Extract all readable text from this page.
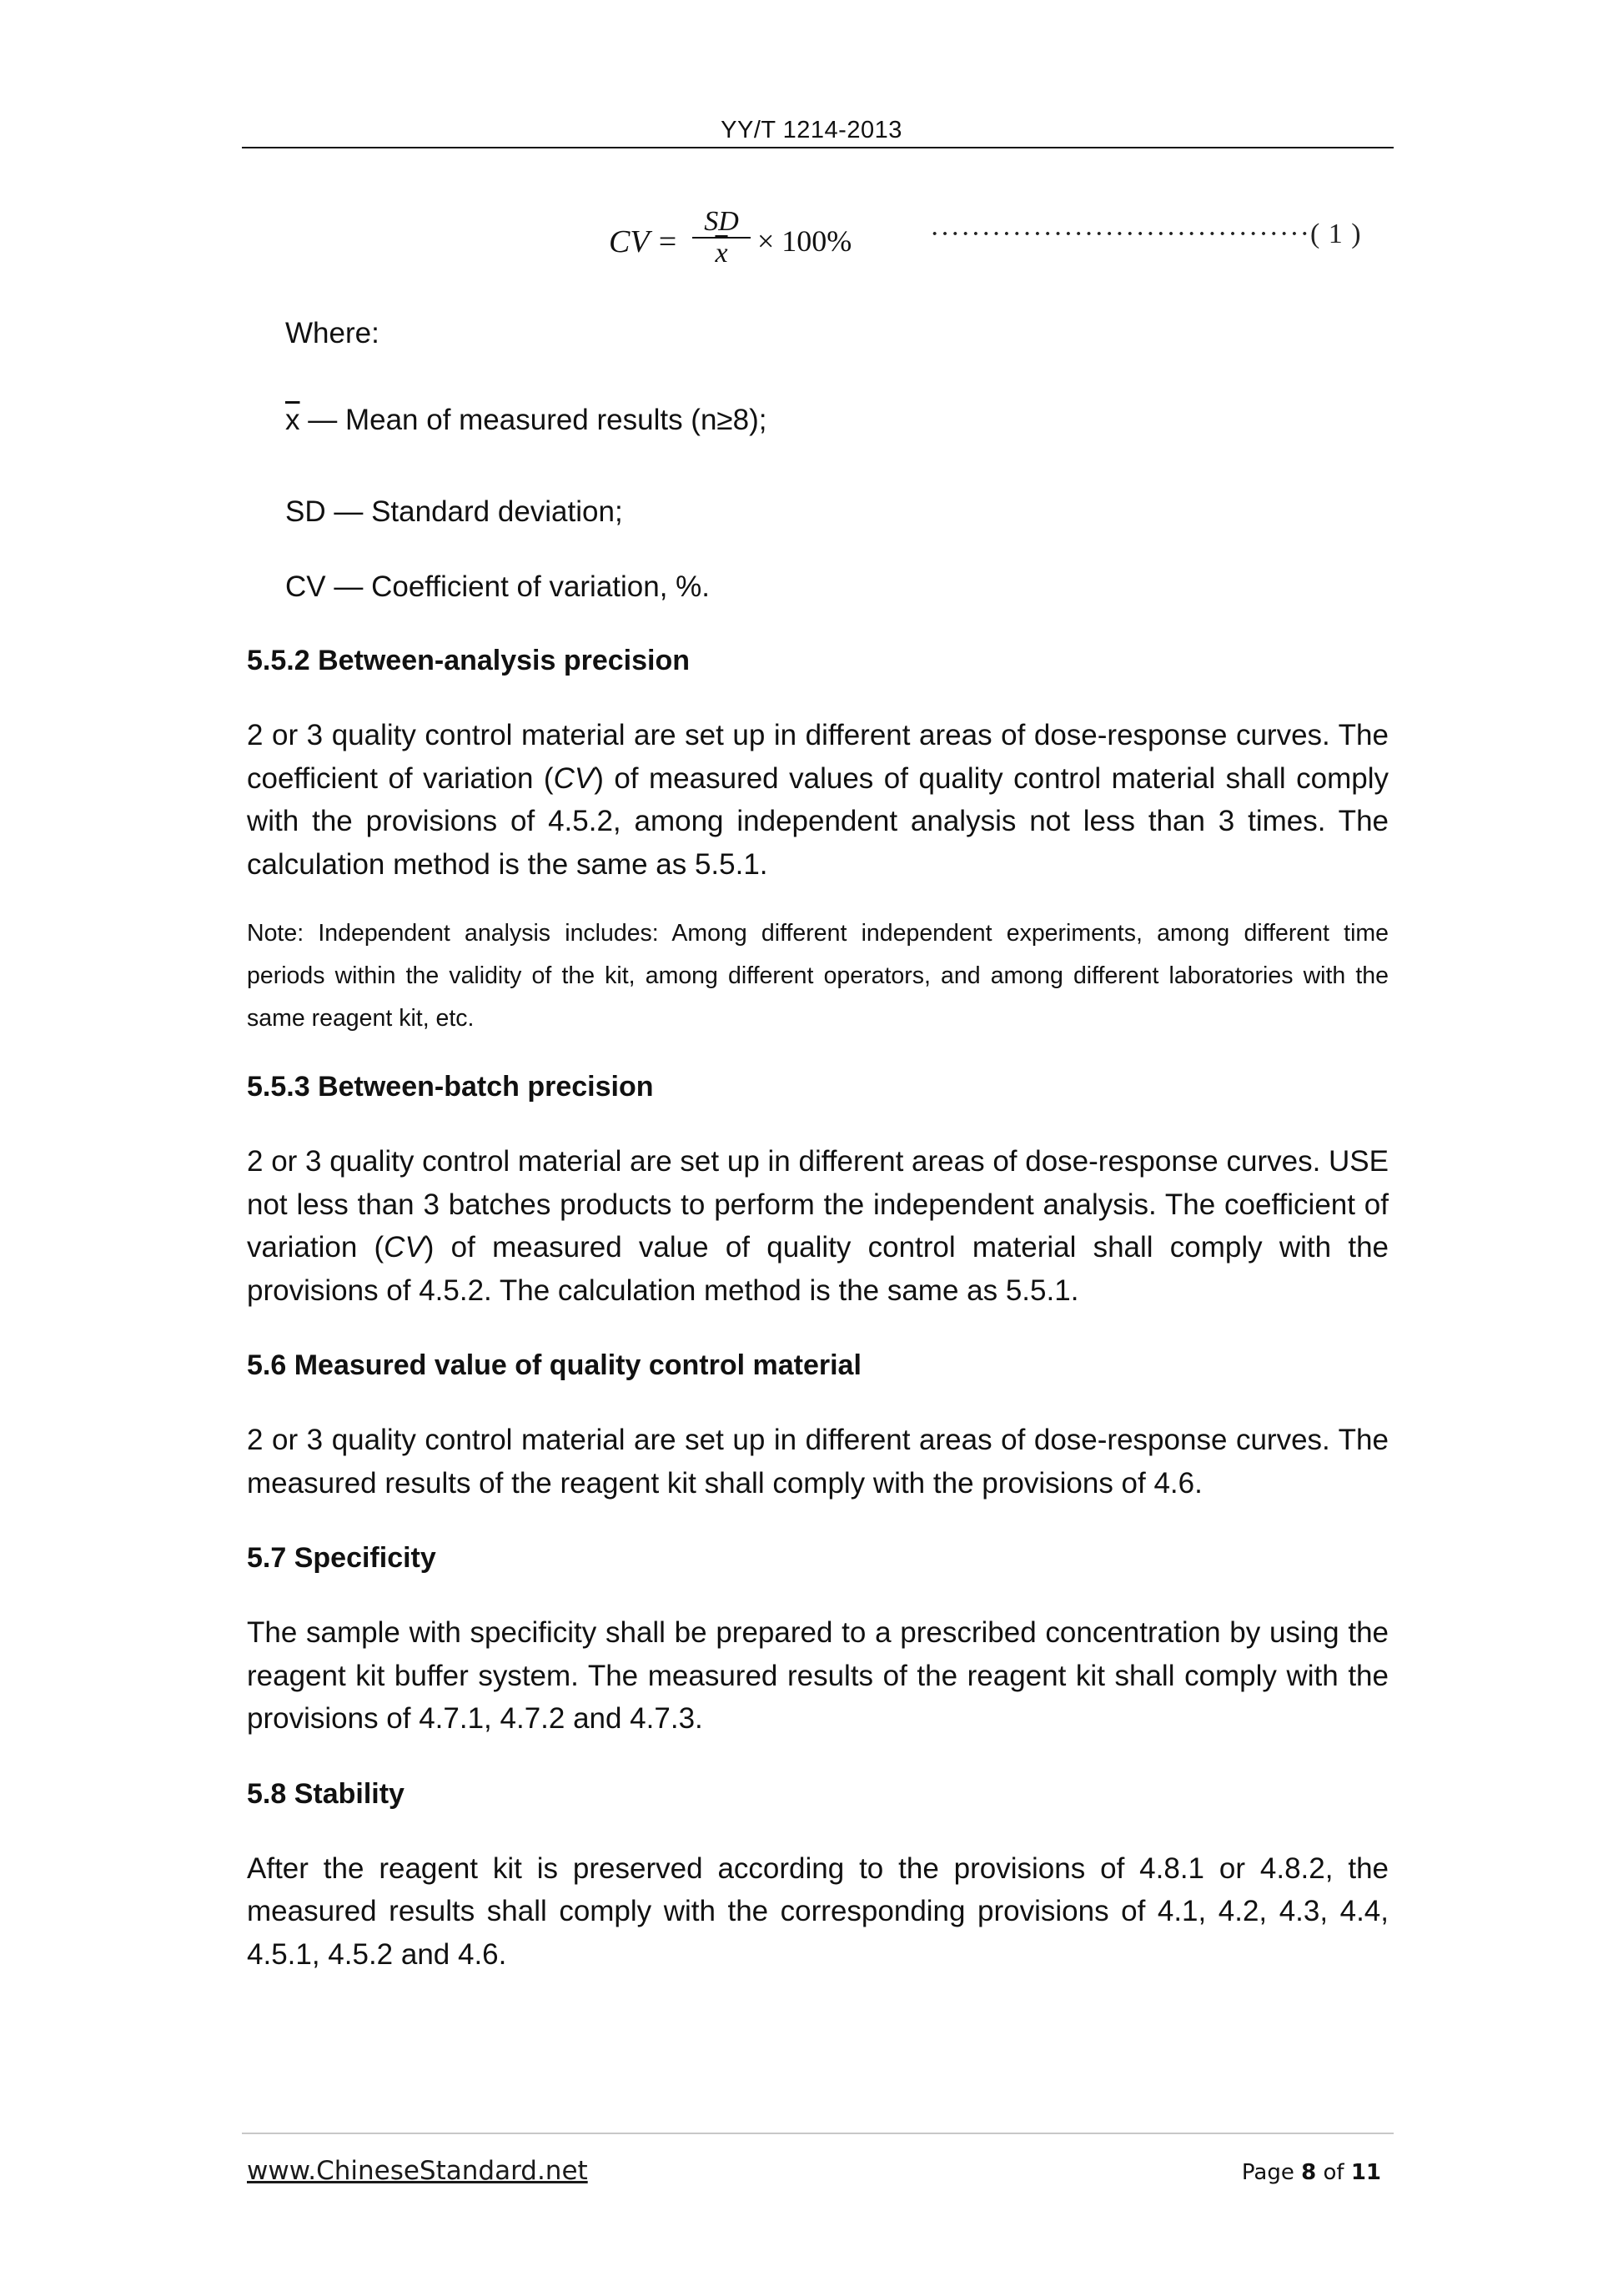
YY/T 1214-2013
CV = $\frac{SD}{x} \times 100\%$	·····································( 1 )
Where:
$\overline{x}$ — Mean of measured results (n≥8);
SD — Standard deviation;
CV — Coefficient of variation, %.
5.5.2 Between-analysis precision
2 or 3 quality control material are set up in different areas of dose-response curves. The coefficient of variation (CV) of measured values of quality control material shall comply with the provisions of 4.5.2, among independent analysis not less than 3 times. The calculation method is the same as 5.5.1.
Note: Independent analysis includes: Among different independent experiments, among different time periods within the validity of the kit, among different operators, and among different laboratories with the same reagent kit, etc.
5.5.3 Between-batch precision
2 or 3 quality control material are set up in different areas of dose-response curves. USE not less than 3 batches products to perform the independent analysis. The coefficient of variation (CV) of measured value of quality control material shall comply with the provisions of 4.5.2. The calculation method is the same as 5.5.1.
5.6 Measured value of quality control material
2 or 3 quality control material are set up in different areas of dose-response curves. The measured results of the reagent kit shall comply with the provisions of 4.6.
5.7 Specificity
The sample with specificity shall be prepared to a prescribed concentration by using the reagent kit buffer system. The measured results of the reagent kit shall comply with the provisions of 4.7.1, 4.7.2 and 4.7.3.
5.8 Stability
After the reagent kit is preserved according to the provisions of 4.8.1 or 4.8.2, the measured results shall comply with the corresponding provisions of 4.1, 4.2, 4.3, 4.4, 4.5.1, 4.5.2 and 4.6.
www.ChineseStandard.net	Page 8 of 11
